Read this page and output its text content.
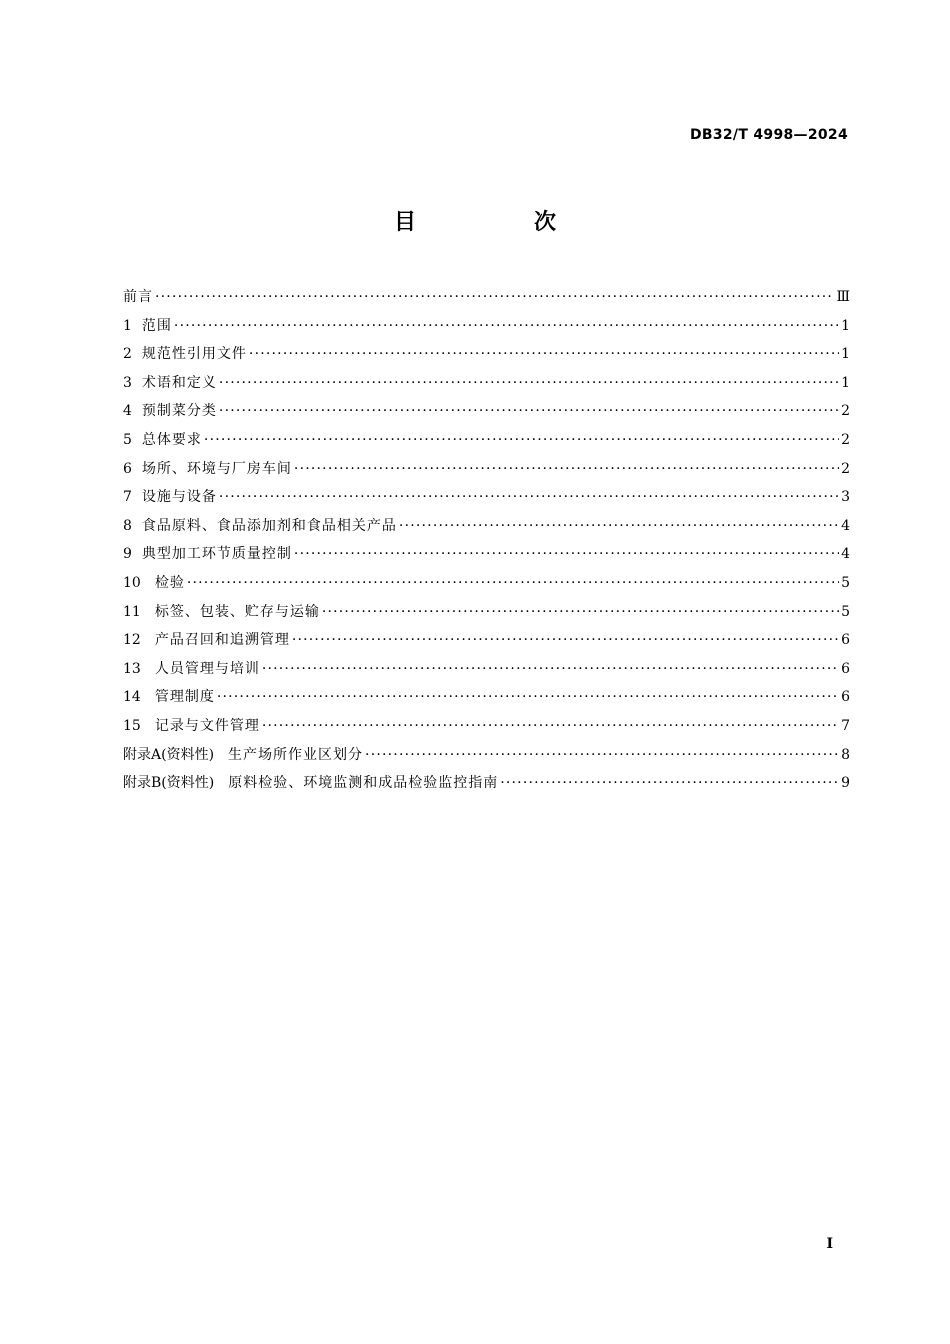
DB32/T 4998—2024
目　次
前言 ·····	Ⅲ
1 范围 ·····	1
2 规范性引用文件 ·····	1
3 术语和定义 ·····	1
4 预制菜分类 ·····	2
5 总体要求 ·····	2
6 场所、环境与厂房车间 ·····	2
7 设施与设备 ·····	3
8 食品原料、食品添加剂和食品相关产品 ·····	4
9 典型加工环节质量控制 ·····	4
10 检验 ·····	5
11 标签、包装、贮存与运输 ·····	5
12 产品召回和追溯管理 ·····	6
13 人员管理与培训 ·····	6
14 管理制度 ·····	6
15 记录与文件管理 ·····	7
附录A(资料性) 生产场所作业区划分 ·····	8
附录B(资料性) 原料检验、环境监测和成品检验监控指南 ·····	9
I
